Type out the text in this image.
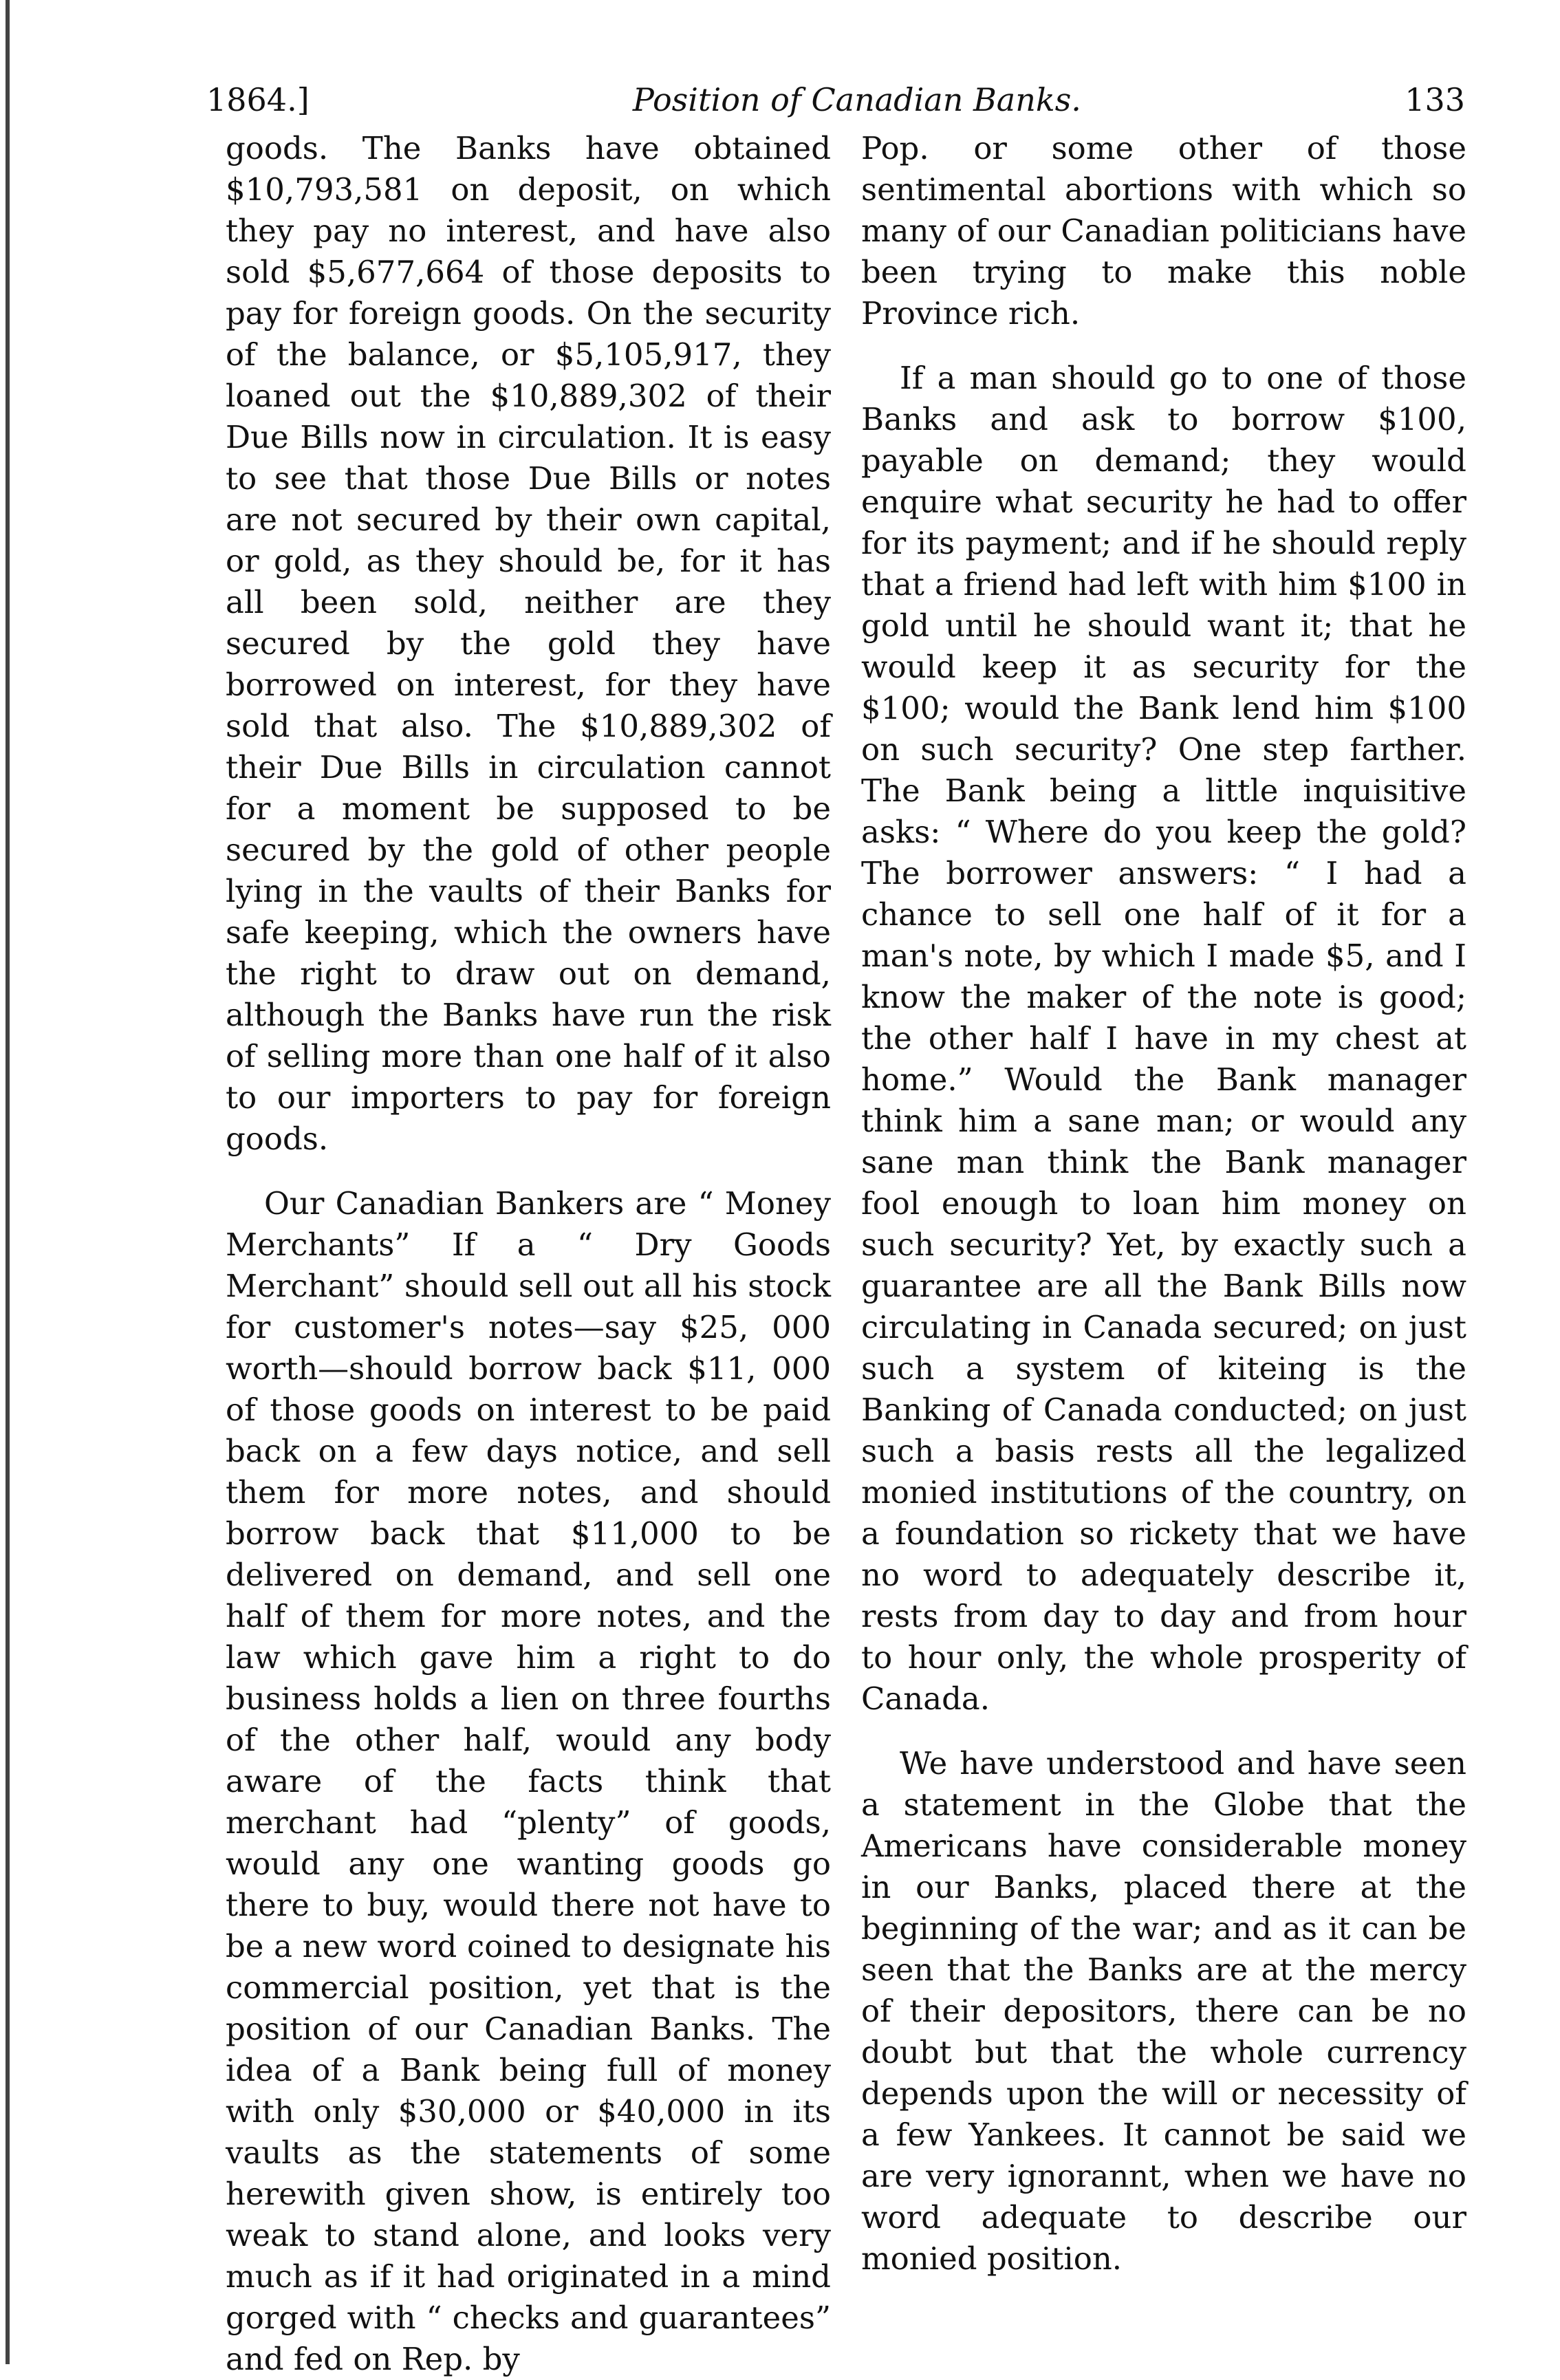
1864.]	Position of Canadian Banks.	133

goods. The Banks have obtained $10,793,581 on deposit, on which they pay no interest, and have also sold $5,677,664 of those deposits to pay for foreign goods. On the security of the balance, or $5,105,917, they loaned out the $10,889,302 of their Due Bills now in circulation. It is easy to see that those Due Bills or notes are not secured by their own capital, or gold, as they should be, for it has all been sold, neither are they secured by the gold they have borrowed on interest, for they have sold that also. The $10,889,302 of their Due Bills in circulation cannot for a moment be supposed to be secured by the gold of other people lying in the vaults of their Banks for safe keeping, which the owners have the right to draw out on demand, although the Banks have run the risk of selling more than one half of it also to our importers to pay for foreign goods.

Our Canadian Bankers are “ Money Merchants” If a “ Dry Goods Merchant” should sell out all his stock for customer's notes—say $25, 000 worth—should borrow back $11, 000 of those goods on interest to be paid back on a few days notice, and sell them for more notes, and should borrow back that $11,000 to be delivered on demand, and sell one half of them for more notes, and the law which gave him a right to do business holds a lien on three fourths of the other half, would any body aware of the facts think that merchant had “plenty” of goods, would any one wanting goods go there to buy, would there not have to be a new word coined to designate his commercial position, yet that is the position of our Canadian Banks. The idea of a Bank being full of money with only $30,000 or $40,000 in its vaults as the statements of some herewith given show, is entirely too weak to stand alone, and looks very much as if it had originated in a mind gorged with “ checks and guarantees” and fed on Rep. by

Pop. or some other of those sentimental abortions with which so many of our Canadian politicians have been trying to make this noble Province rich.

If a man should go to one of those Banks and ask to borrow $100, payable on demand; they would enquire what security he had to offer for its payment; and if he should reply that a friend had left with him $100 in gold until he should want it; that he would keep it as security for the $100; would the Bank lend him $100 on such security? One step farther. The Bank being a little inquisitive asks: “ Where do you keep the gold? The borrower answers: “ I had a chance to sell one half of it for a man's note, by which I made $5, and I know the maker of the note is good; the other half I have in my chest at home.” Would the Bank manager think him a sane man; or would any sane man think the Bank manager fool enough to loan him money on such security? Yet, by exactly such a guarantee are all the Bank Bills now circulating in Canada secured; on just such a system of kiteing is the Banking of Canada conducted; on just such a basis rests all the legalized monied institutions of the country, on a foundation so rickety that we have no word to adequately describe it, rests from day to day and from hour to hour only, the whole prosperity of Canada.

We have understood and have seen a statement in the Globe that the Americans have considerable money in our Banks, placed there at the beginning of the war; and as it can be seen that the Banks are at the mercy of their depositors, there can be no doubt but that the whole currency depends upon the will or necessity of a few Yankees. It cannot be said we are very ignorannt, when we have no word adequate to describe our monied position.
